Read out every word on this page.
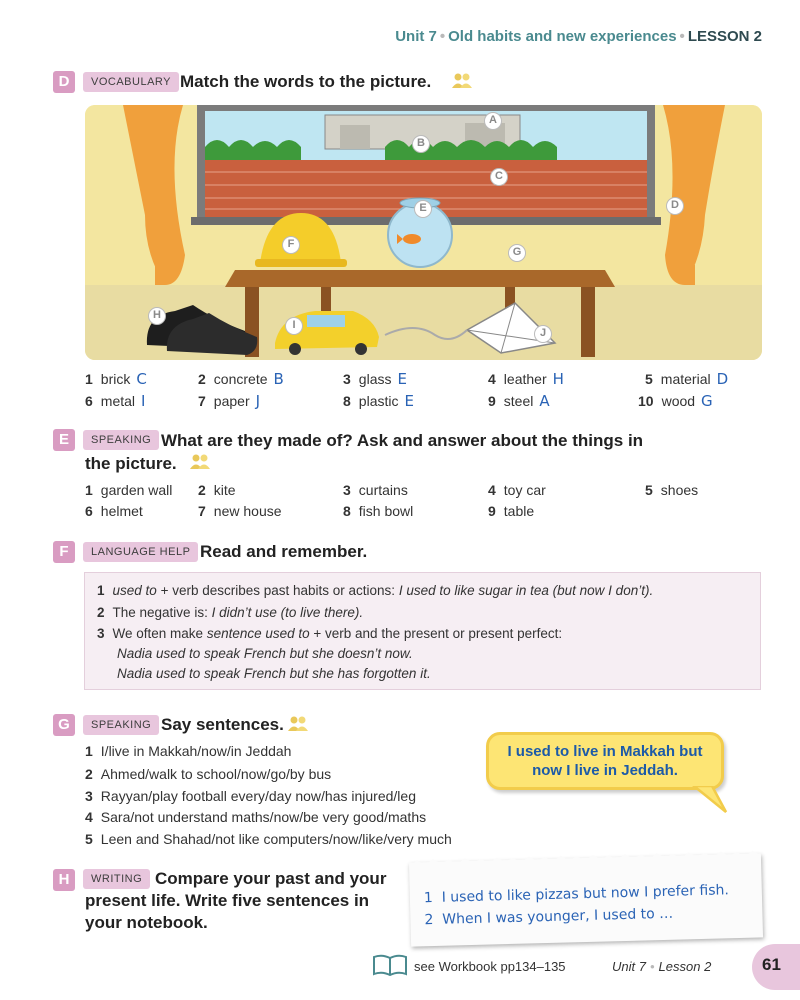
Unit 7 • Old habits and new experiences • LESSON 2
D	VOCABULARY Match the words to the picture.
A
B
C
D
E
F
G
H
I
J
1 brick C	2 concrete B	3 glass E	4 leather H	5 material D
6 metal I	7 paper J	8 plastic E	9 steel A	10 wood G
E	SPEAKING What are they made of? Ask and answer about the things in
the picture.
1 garden wall 2 kite	3 curtains	4 toy car	5 shoes
6 helmet	7 new house	8 fish bowl	9 table
F	LANGUAGE HELP Read and remember.
1 used to + verb describes past habits or actions: I used to like sugar in tea (but now I don’t).
2 The negative is: I didn’t use (to live there).
3 We often make sentence used to + verb and the present or present perfect:
Nadia used to speak French but she doesn’t now.
Nadia used to speak French but she has forgotten it.
G	SPEAKING Say sentences.
1 I/live in Makkah/now/in Jeddah
2 Ahmed/walk to school/now/go/by bus
3 Rayyan/play football every/day now/has injured/leg
4 Sara/not understand maths/now/be very good/maths
5 Leen and Shahad/not like computers/now/like/very much
I used to live in Makkah but
now I live in Jeddah.
H	WRITING Compare your past and your
present life. Write five sentences in
your notebook.
1 I used to like pizzas but now I prefer fish.
2 When I was younger, I used to …
see Workbook pp134–135	Unit 7 • Lesson 2	61
